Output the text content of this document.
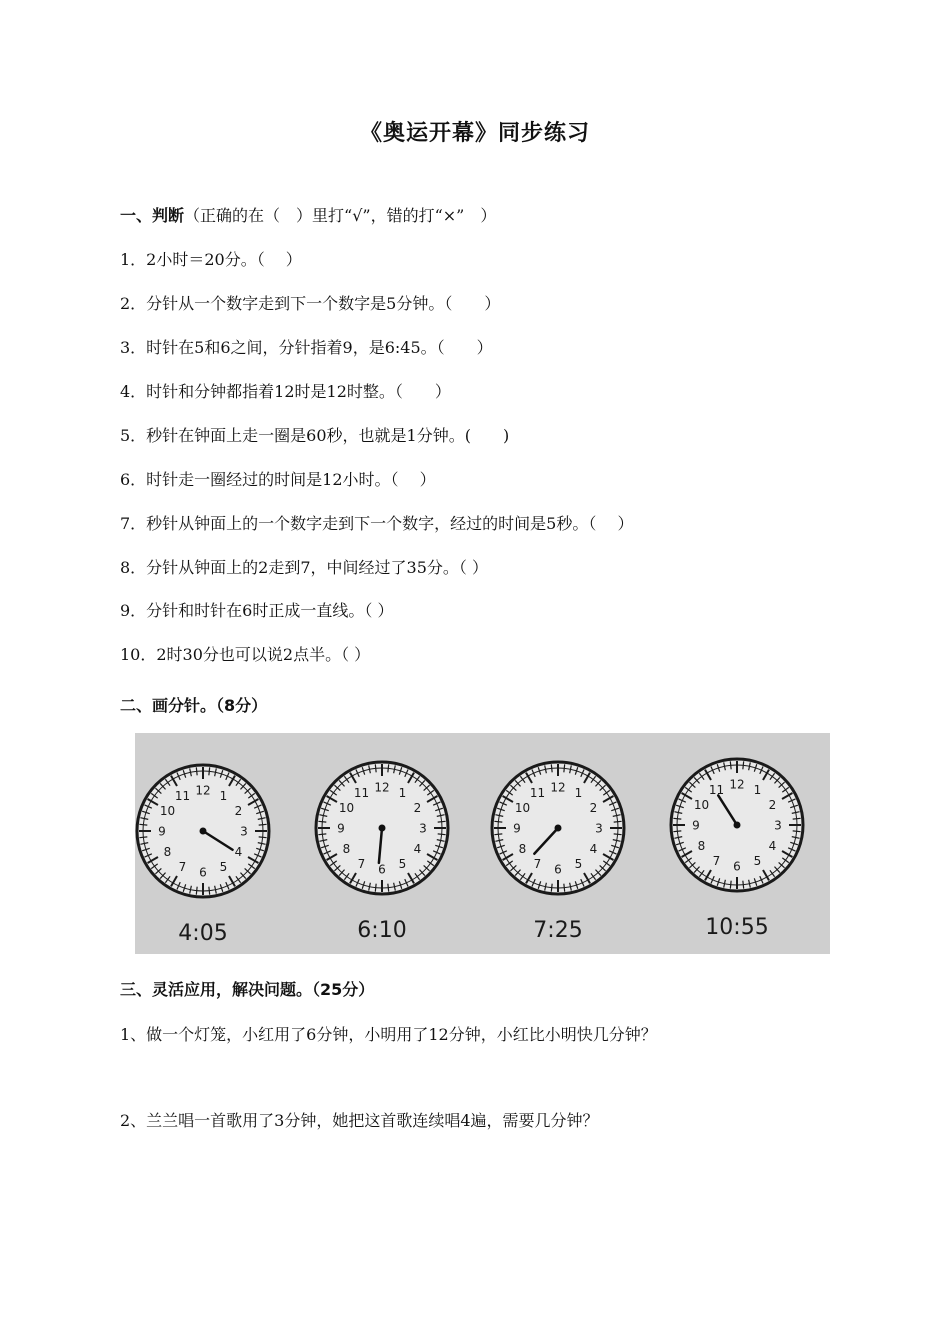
《奥运开幕》同步练习
一、判断（正确的在（　）里打“√”，错的打“×”　）
1．2小时＝20分。（　 ）
2．分针从一个数字走到下一个数字是5分钟。（　　）
3．时针在5和6之间，分针指着9，是6:45。（　　）
4．时针和分钟都指着12时是12时整。（　　）
5．秒针在钟面上走一圈是60秒，也就是1分钟。(　　)
6．时针走一圈经过的时间是12小时。（　 ）
7．秒针从钟面上的一个数字走到下一个数字，经过的时间是5秒。（　 ）
8．分针从钟面上的2走到7，中间经过了35分。（ ）
9．分针和时针在6时正成一直线。（ ）
10．2时30分也可以说2点半。（ ）
二、画分针。（8分）
12 1
2
3
4
5
6
7
8
9
10
11
4:05
12 1
2
3
4
5
6
7
8
9
10
11
6:10
12 1
2
3
4
5
6
7
8
9
10
11
7:25
12 1
2
3
4
5
6
7
8
9
10
11
10:55
三、灵活应用，解决问题。（25分）
1、做一个灯笼，小红用了6分钟，小明用了12分钟，小红比小明快几分钟？
2、兰兰唱一首歌用了3分钟，她把这首歌连续唱4遍，需要几分钟？
